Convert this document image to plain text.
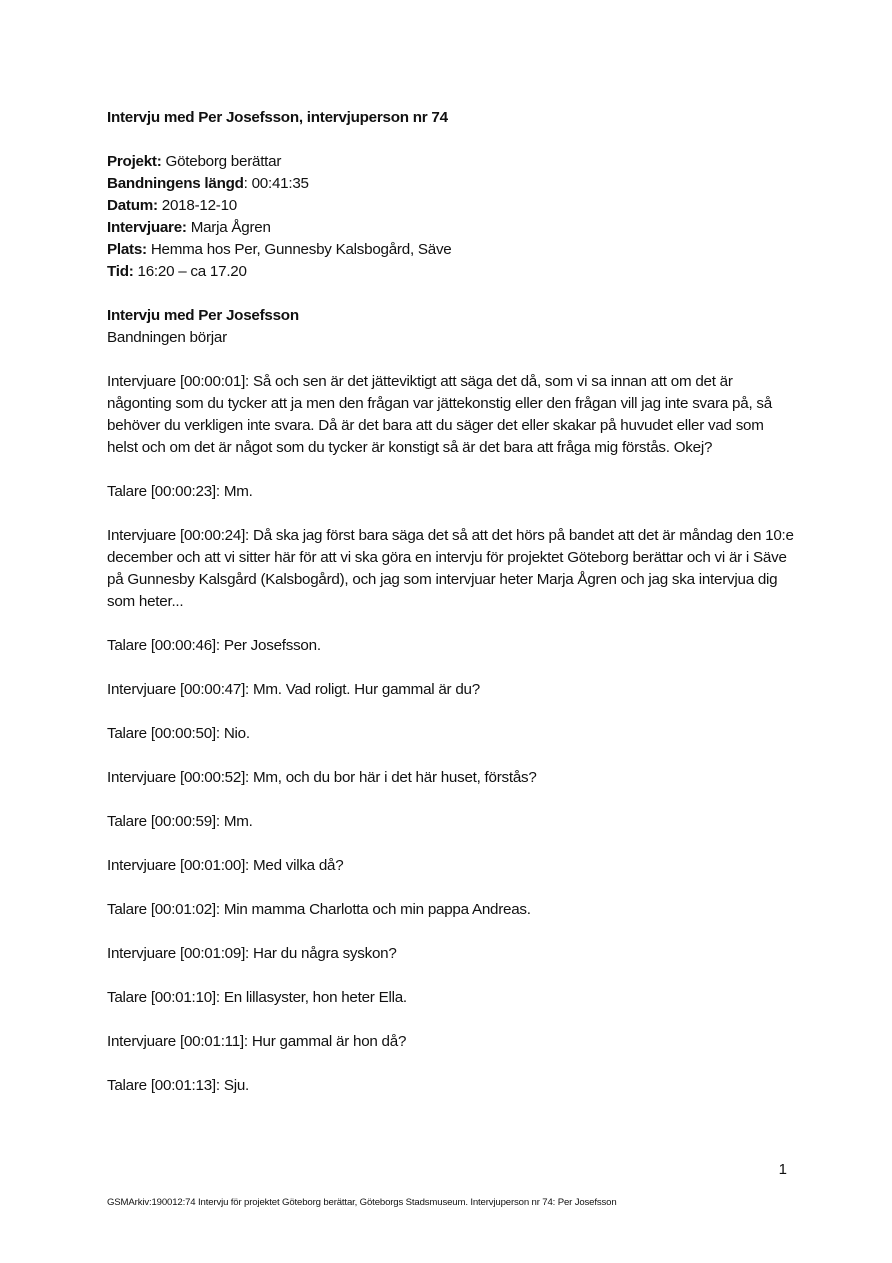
Intervju med Per Josefsson, intervjuperson nr 74

Projekt: Göteborg berättar

Bandningens längd: 00:41:35

Datum: 2018-12-10

Intervjuare: Marja Ågren

Plats: Hemma hos Per, Gunnesby Kalsbogård, Säve

Tid: 16:20 – ca 17.20

Intervju med Per Josefsson

Bandningen börjar

Intervjuare [00:00:01]: Så och sen är det jätteviktigt att säga det då, som vi sa innan att om det är någonting som du tycker att ja men den frågan var jättekonstig eller den frågan vill jag inte svara på, så behöver du verkligen inte svara. Då är det bara att du säger det eller skakar på huvudet eller vad som helst och om det är något som du tycker är konstigt så är det bara att fråga mig förstås. Okej?

Talare [00:00:23]: Mm.

Intervjuare [00:00:24]: Då ska jag först bara säga det så att det hörs på bandet att det är måndag den 10:e december och att vi sitter här för att vi ska göra en intervju för projektet Göteborg berättar och vi är i Säve på Gunnesby Kalsgård (Kalsbogård), och jag som intervjuar heter Marja Ågren och jag ska intervjua dig som heter...

Talare [00:00:46]: Per Josefsson.

Intervjuare [00:00:47]: Mm. Vad roligt. Hur gammal är du?

Talare [00:00:50]: Nio.

Intervjuare [00:00:52]: Mm, och du bor här i det här huset, förstås?

Talare [00:00:59]: Mm.

Intervjuare [00:01:00]: Med vilka då?

Talare [00:01:02]: Min mamma Charlotta och min pappa Andreas.

Intervjuare [00:01:09]: Har du några syskon?

Talare [00:01:10]: En lillasyster, hon heter Ella.

Intervjuare [00:01:11]: Hur gammal är hon då?

Talare [00:01:13]: Sju.

1
GSMArkiv:190012:74 Intervju för projektet Göteborg berättar, Göteborgs Stadsmuseum. Intervjuperson nr 74: Per Josefsson
